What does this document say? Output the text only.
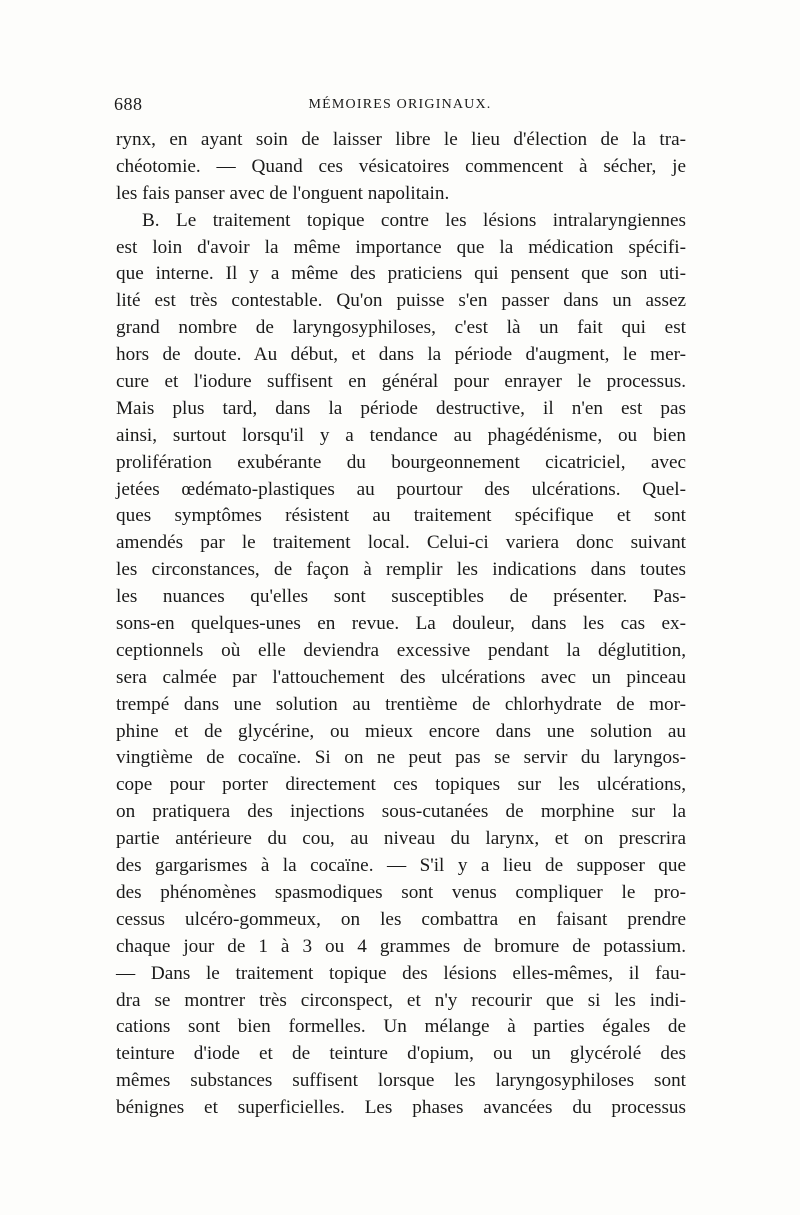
688	MÉMOIRES ORIGINAUX.
rynx, en ayant soin de laisser libre le lieu d'élection de la tra-
chéotomie. — Quand ces vésicatoires commencent à sécher, je
les fais panser avec de l'onguent napolitain.
B. Le traitement topique contre les lésions intralaryngiennes
est loin d'avoir la même importance que la médication spécifi-
que interne. Il y a même des praticiens qui pensent que son uti-
lité est très contestable. Qu'on puisse s'en passer dans un assez
grand nombre de laryngosyphiloses, c'est là un fait qui est
hors de doute. Au début, et dans la période d'augment, le mer-
cure et l'iodure suffisent en général pour enrayer le processus.
Mais plus tard, dans la période destructive, il n'en est pas
ainsi, surtout lorsqu'il y a tendance au phagédénisme, ou bien
prolifération exubérante du bourgeonnement cicatriciel, avec
jetées œdémato-plastiques au pourtour des ulcérations. Quel-
ques symptômes résistent au traitement spécifique et sont
amendés par le traitement local. Celui-ci variera donc suivant
les circonstances, de façon à remplir les indications dans toutes
les nuances qu'elles sont susceptibles de présenter. Pas-
sons-en quelques-unes en revue. La douleur, dans les cas ex-
ceptionnels où elle deviendra excessive pendant la déglutition,
sera calmée par l'attouchement des ulcérations avec un pinceau
trempé dans une solution au trentième de chlorhydrate de mor-
phine et de glycérine, ou mieux encore dans une solution au
vingtième de cocaïne. Si on ne peut pas se servir du laryngos-
cope pour porter directement ces topiques sur les ulcérations,
on pratiquera des injections sous-cutanées de morphine sur la
partie antérieure du cou, au niveau du larynx, et on prescrira
des gargarismes à la cocaïne. — S'il y a lieu de supposer que
des phénomènes spasmodiques sont venus compliquer le pro-
cessus ulcéro-gommeux, on les combattra en faisant prendre
chaque jour de 1 à 3 ou 4 grammes de bromure de potassium.
— Dans le traitement topique des lésions elles-mêmes, il fau-
dra se montrer très circonspect, et n'y recourir que si les indi-
cations sont bien formelles. Un mélange à parties égales de
teinture d'iode et de teinture d'opium, ou un glycérolé des
mêmes substances suffisent lorsque les laryngosyphiloses sont
bénignes et superficielles. Les phases avancées du processus
